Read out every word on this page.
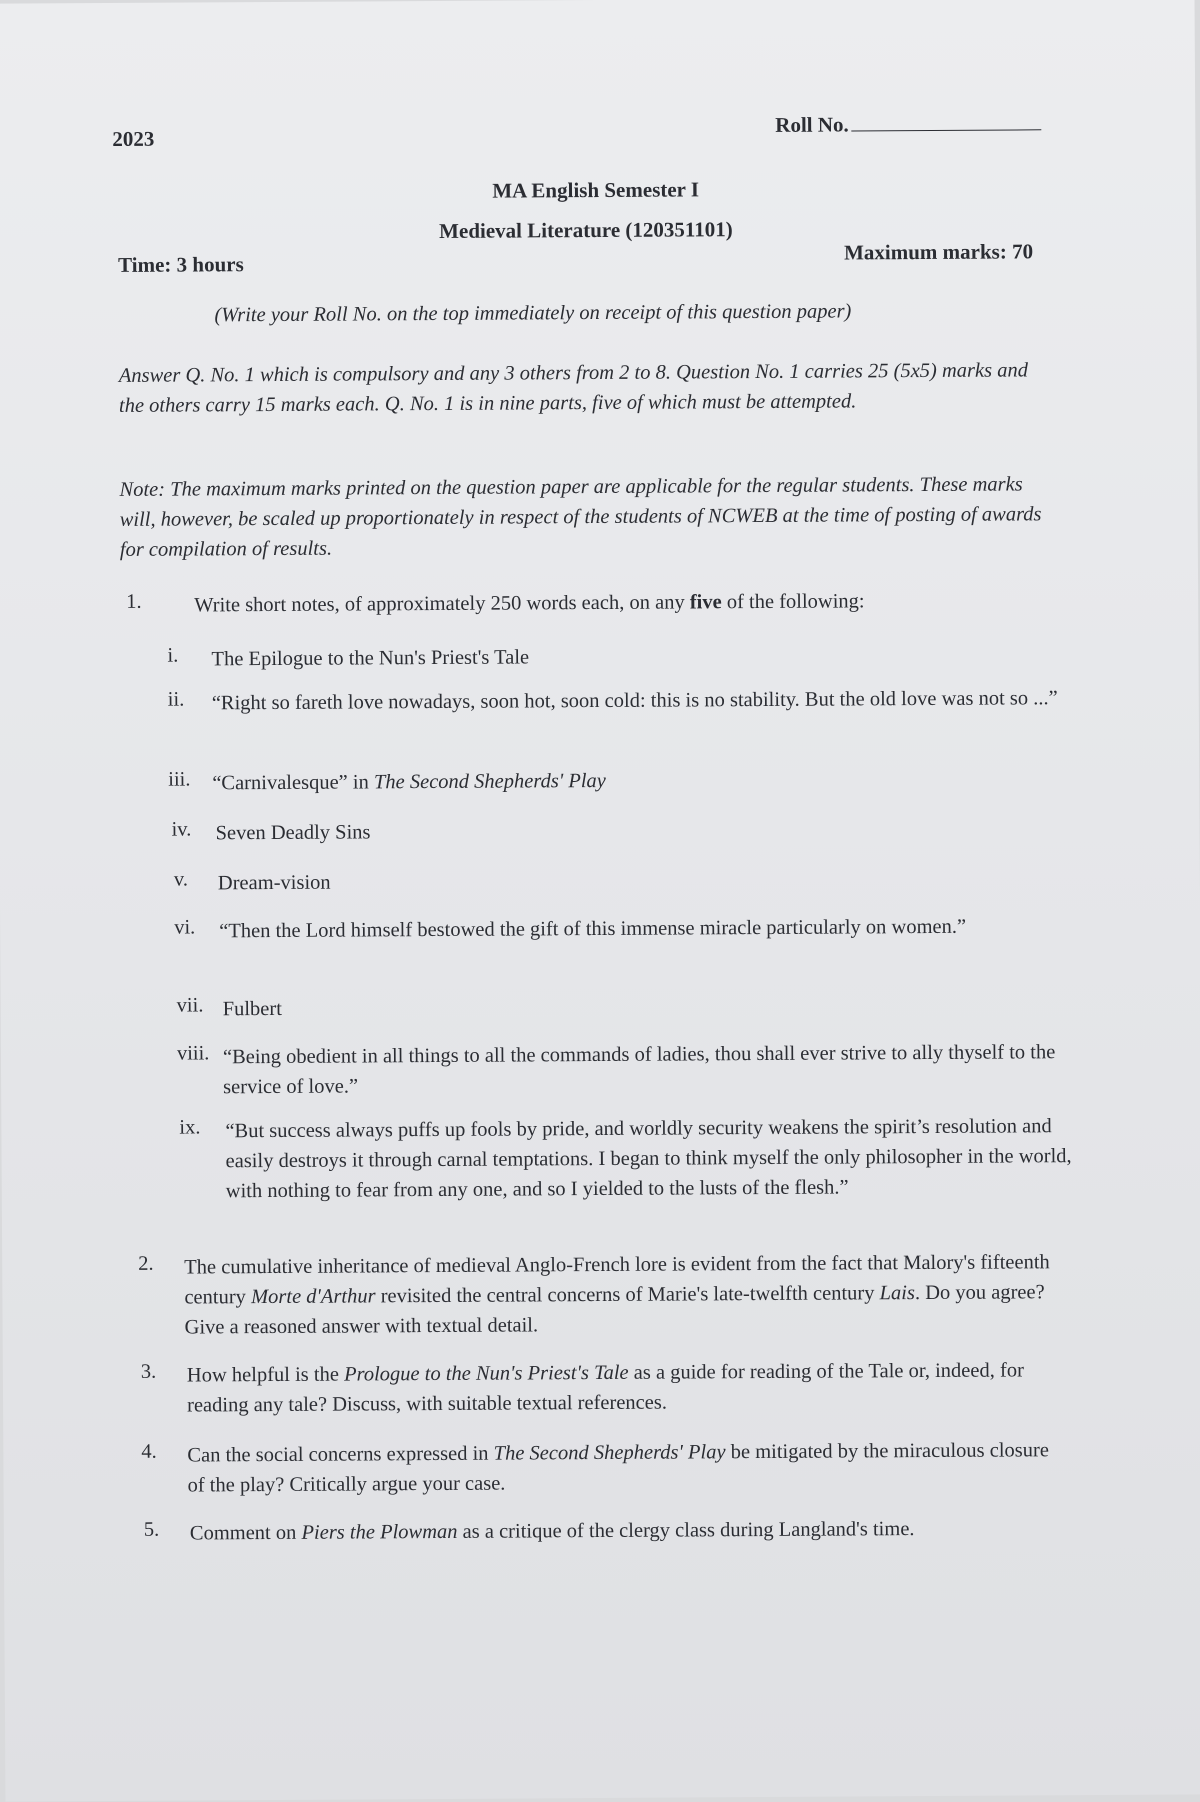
2023
Roll No.
MA English Semester I
Medieval Literature (120351101)
Time: 3 hours
Maximum marks: 70
(Write your Roll No. on the top immediately on receipt of this question paper)
Answer Q. No. 1 which is compulsory and any 3 others from 2 to 8. Question No. 1 carries 25 (5x5) marks and the others carry 15 marks each. Q. No. 1 is in nine parts, five of which must be attempted.
Note: The maximum marks printed on the question paper are applicable for the regular students. These marks will, however, be scaled up proportionately in respect of the students of NCWEB at the time of posting of awards for compilation of results.
1.	Write short notes, of approximately 250 words each, on any five of the following:
i. The Epilogue to the Nun's Priest's Tale
ii. “Right so fareth love nowadays, soon hot, soon cold: this is no stability. But the old love was not so ...”
iii. “Carnivalesque” in The Second Shepherds' Play
iv. Seven Deadly Sins
v. Dream-vision
vi. “Then the Lord himself bestowed the gift of this immense miracle particularly on women.”
vii. Fulbert
viii. “Being obedient in all things to all the commands of ladies, thou shall ever strive to ally thyself to the service of love.”
ix. “But success always puffs up fools by pride, and worldly security weakens the spirit’s resolution and easily destroys it through carnal temptations. I began to think myself the only philosopher in the world, with nothing to fear from any one, and so I yielded to the lusts of the flesh.”
2. The cumulative inheritance of medieval Anglo-French lore is evident from the fact that Malory's fifteenth century Morte d'Arthur revisited the central concerns of Marie's late-twelfth century Lais. Do you agree? Give a reasoned answer with textual detail.
3. How helpful is the Prologue to the Nun's Priest's Tale as a guide for reading of the Tale or, indeed, for reading any tale? Discuss, with suitable textual references.
4. Can the social concerns expressed in The Second Shepherds' Play be mitigated by the miraculous closure of the play? Critically argue your case.
5. Comment on Piers the Plowman as a critique of the clergy class during Langland's time.
